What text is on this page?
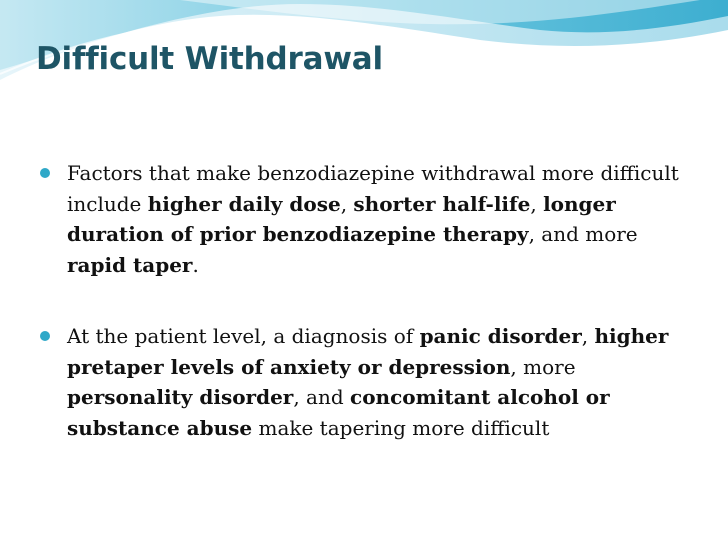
Difficult Withdrawal
Factors that make benzodiazepine withdrawal more difficult include higher daily dose, shorter half-life, longer duration of prior benzodiazepine therapy, and more rapid taper.
At the patient level, a diagnosis of panic disorder, higher pretaper levels of anxiety or depression, more personality disorder, and concomitant alcohol or substance abuse make tapering more difficult
